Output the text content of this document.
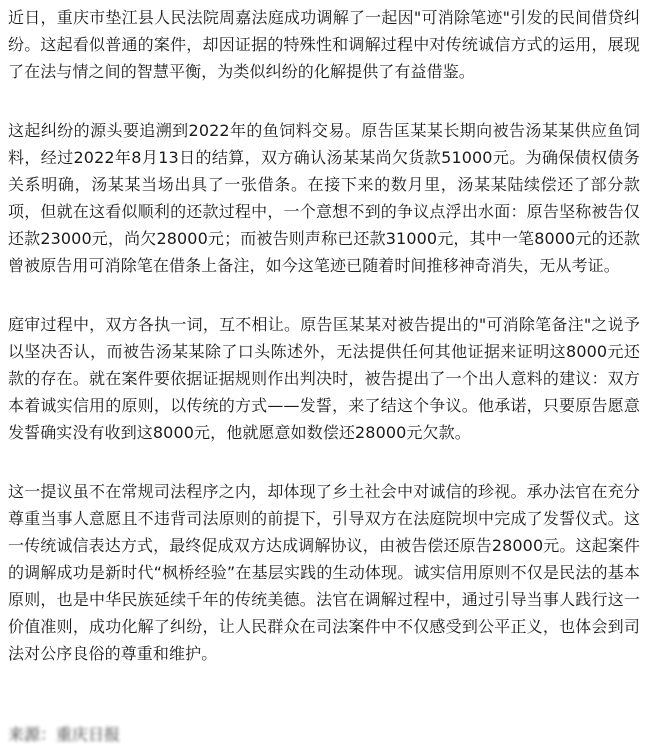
近日，重庆市垫江县人民法院周嘉法庭成功调解了一起因"可消除笔迹"引发的民间借贷纠纷。这起看似普通的案件，却因证据的特殊性和调解过程中对传统诚信方式的运用，展现了在法与情之间的智慧平衡，为类似纠纷的化解提供了有益借鉴。

这起纠纷的源头要追溯到2022年的鱼饲料交易。原告匡某某长期向被告汤某某供应鱼饲料，经过2022年8月13日的结算，双方确认汤某某尚欠货款51000元。为确保债权债务关系明确，汤某某当场出具了一张借条。在接下来的数月里，汤某某陆续偿还了部分款项，但就在这看似顺利的还款过程中，一个意想不到的争议点浮出水面：原告坚称被告仅还款23000元，尚欠28000元；而被告则声称已还款31000元，其中一笔8000元的还款曾被原告用可消除笔在借条上备注，如今这笔迹已随着时间推移神奇消失，无从考证。

庭审过程中，双方各执一词，互不相让。原告匡某某对被告提出的"可消除笔备注"之说予以坚决否认，而被告汤某某除了口头陈述外，无法提供任何其他证据来证明这8000元还款的存在。就在案件要依据证据规则作出判决时，被告提出了一个出人意料的建议：双方本着诚实信用的原则，以传统的方式——发誓，来了结这个争议。他承诺，只要原告愿意发誓确实没有收到这8000元，他就愿意如数偿还28000元欠款。

这一提议虽不在常规司法程序之内，却体现了乡土社会中对诚信的珍视。承办法官在充分尊重当事人意愿且不违背司法原则的前提下，引导双方在法庭院坝中完成了发誓仪式。这一传统诚信表达方式，最终促成双方达成调解协议，由被告偿还原告28000元。这起案件的调解成功是新时代“枫桥经验”在基层实践的生动体现。诚实信用原则不仅是民法的基本原则，也是中华民族延续千年的传统美德。法官在调解过程中，通过引导当事人践行这一价值准则，成功化解了纠纷，让人民群众在司法案件中不仅感受到公平正义，也体会到司法对公序良俗的尊重和维护。

来源：重庆日报
